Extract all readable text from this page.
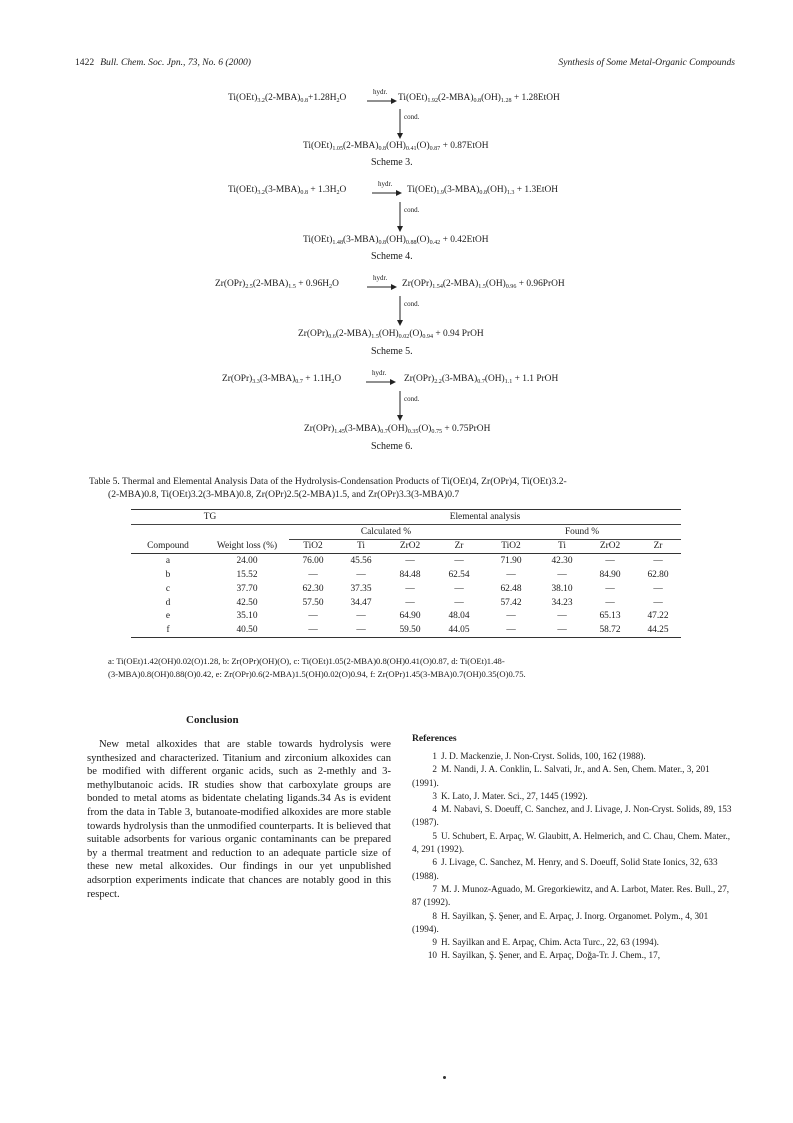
1422 Bull. Chem. Soc. Jpn., 73, No. 6 (2000)	Synthesis of Some Metal-Organic Compounds
$Ti(OEt)_{3.2}(2-MBA)_{0.8}+1.28H_2O$
hydr.
$Ti(OEt)_{1.92}(2-MBA)_{0.8}(OH)_{1.28}$ + 1.28EtOH
cond.
$Ti(OEt)_{1.05}(2-MBA)_{0.8}(OH)_{0.41}(O)_{0.87}$ + 0.87EtOH
Scheme 3.
$Ti(OEt)_{3.2}(3-MBA)_{0.8} + 1.3H_2O$
hydr.
$Ti(OEt)_{1.9}(3-MBA)_{0.8}(OH)_{1.3}$ + 1.3EtOH
cond.
$Ti(OEt)_{1.48}(3-MBA)_{0.8}(OH)_{0.88}(O)_{0.42}$ + 0.42EtOH
Scheme 4.
$Zr(OPr)_{2.5}(2-MBA)_{1.5} + 0.96H_2O$
hydr.
$Zr(OPr)_{1.54}(2-MBA)_{1.5}(OH)_{0.96}$ + 0.96PrOH
cond.
$Zr(OPr)_{0.6}(2-MBA)_{1.5}(OH)_{0.02}(O)_{0.94} + 0.94$ PrOH
Scheme 5.
$Zr(OPr)_{3.3}(3-MBA)_{0.7} + 1.1H_2O$
hydr.
$Zr(OPr)_{2.2}(3-MBA)_{0.7}(OH)_{1.1} + 1.1$ PrOH
cond.
$Zr(OPr)_{1.45}(3-MBA)_{0.7}(OH)_{0.35}(O)_{0.75}$ + 0.75PrOH
Scheme 6.
Table 5. Thermal and Elemental Analysis Data of the Hydrolysis-Condensation Products of Ti(OEt)4, Zr(OPr)4, Ti(OEt)3.2-
(2-MBA)0.8, Ti(OEt)3.2(3-MBA)0.8, Zr(OPr)2.5(2-MBA)1.5, and Zr(OPr)3.3(3-MBA)0.7
TG		Elemental analysis							
		Calculated %				Found %			
Compound	Weight loss (%)	TiO2	Ti	ZrO2	Zr	TiO2	Ti	ZrO2	Zr
a	24.00	76.00	45.56	—	—	71.90	42.30	—	—
b	15.52	—	—	84.48	62.54	—	—	84.90	62.80
c	37.70	62.30	37.35	—	—	62.48	38.10	—	—
d	42.50	57.50	34.47	—	—	57.42	34.23	—	—
e	35.10	—	—	64.90	48.04	—	—	65.13	47.22
f	40.50	—	—	59.50	44.05	—	—	58.72	44.25
a: Ti(OEt)1.42(OH)0.02(O)1.28, b: Zr(OPr)(OH)(O), c: Ti(OEt)1.05(2-MBA)0.8(OH)0.41(O)0.87, d: Ti(OEt)1.48-
(3-MBA)0.8(OH)0.88(O)0.42, e: Zr(OPr)0.6(2-MBA)1.5(OH)0.02(O)0.94, f: Zr(OPr)1.45(3-MBA)0.7(OH)0.35(O)0.75.
Conclusion
New metal alkoxides that are stable towards hydrolysis were synthesized and characterized. Titanium and zirconium alkoxides can be modified with different organic acids, such as 2-methly and 3-methylbutanoic acids. IR studies show that carboxylate groups are bonded to metal atoms as bidentate chelating ligands.34 As is evident from the data in Table 3, butanoate-modified alkoxides are more stable towards hydrolysis than the unmodified counterparts. It is believed that suitable adsorbents for various organic contaminants can be prepared by a thermal treatment and reduction to an adequate particle size of these new metal alkoxides. Our findings in our yet unpublished adsorption experiments indicate that chances are notably good in this respect.
References
1 J. D. Mackenzie, J. Non-Cryst. Solids, 100, 162 (1988).
2 M. Nandi, J. A. Conklin, L. Salvati, Jr., and A. Sen, Chem. Mater., 3, 201 (1991).
3 K. Lato, J. Mater. Sci., 27, 1445 (1992).
4 M. Nabavi, S. Doeuff, C. Sanchez, and J. Livage, J. Non-Cryst. Solids, 89, 153 (1987).
5 U. Schubert, E. Arpaç, W. Glaubitt, A. Helmerich, and C. Chau, Chem. Mater., 4, 291 (1992).
6 J. Livage, C. Sanchez, M. Henry, and S. Doeuff, Solid State Ionics, 32, 633 (1988).
7 M. J. Munoz-Aguado, M. Gregorkiewitz, and A. Larbot, Mater. Res. Bull., 27, 87 (1992).
8 H. Sayilkan, Ş. Şener, and E. Arpaç, J. Inorg. Organomet. Polym., 4, 301 (1994).
9 H. Sayilkan and E. Arpaç, Chim. Acta Turc., 22, 63 (1994).
10 H. Sayilkan, Ş. Şener, and E. Arpaç, Doğa-Tr. J. Chem., 17,
